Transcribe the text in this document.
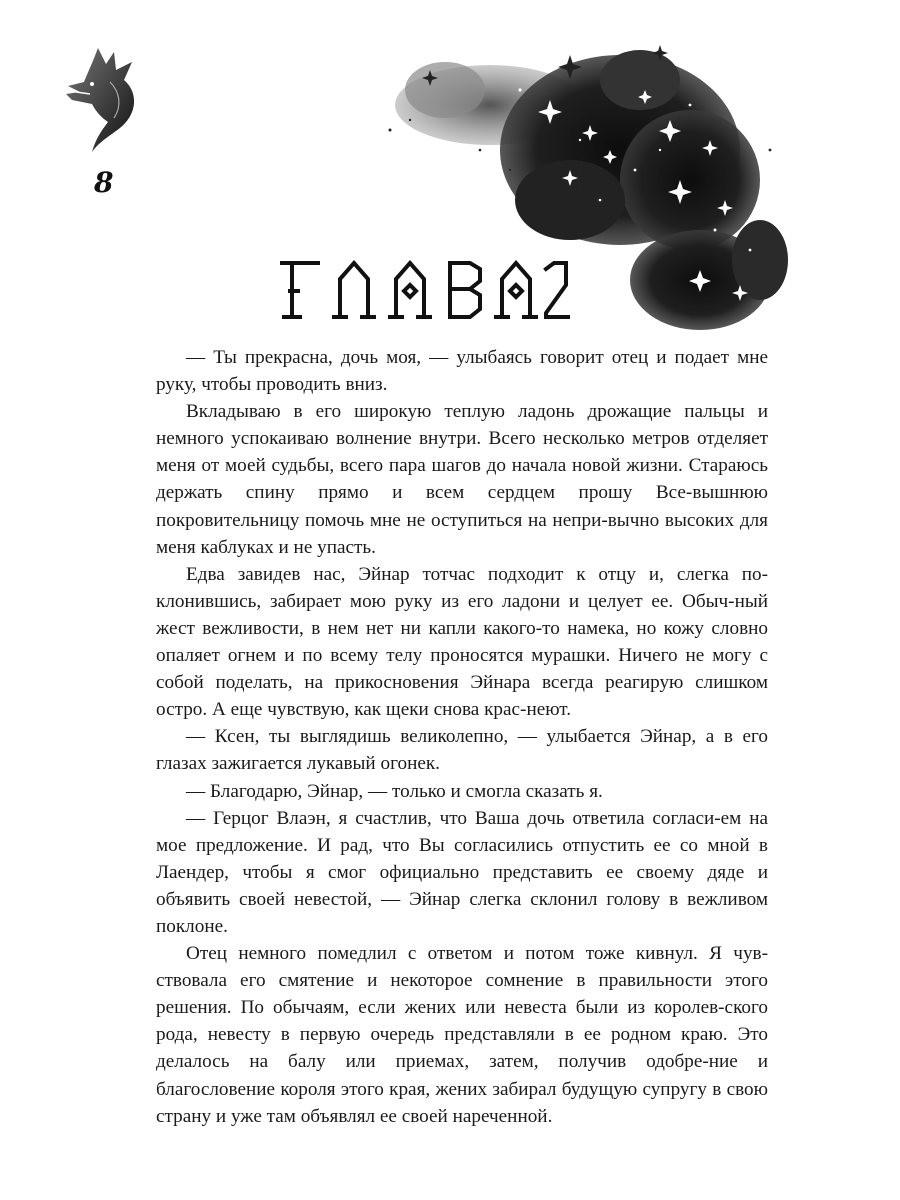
8

— Ты прекрасна, дочь моя, — улыбаясь говорит отец и подает мне руку, чтобы проводить вниз.

Вкладываю в его широкую теплую ладонь дрожащие пальцы и немного успокаиваю волнение внутри. Всего несколько метров отделяет меня от моей судьбы, всего пара шагов до начала новой жизни. Стараюсь держать спину прямо и всем сердцем прошу Все-вышнюю покровительницу помочь мне не оступиться на непри-вычно высоких для меня каблуках и не упасть.

Едва завидев нас, Эйнар тотчас подходит к отцу и, слегка по-клонившись, забирает мою руку из его ладони и целует ее. Обыч-ный жест вежливости, в нем нет ни капли какого-то намека, но кожу словно опаляет огнем и по всему телу проносятся мурашки. Ничего не могу с собой поделать, на прикосновения Эйнара всегда реагирую слишком остро. А еще чувствую, как щеки снова крас-неют.

— Ксен, ты выглядишь великолепно, — улыбается Эйнар, а в его глазах зажигается лукавый огонек.

— Благодарю, Эйнар, — только и смогла сказать я.

— Герцог Влаэн, я счастлив, что Ваша дочь ответила согласи-ем на мое предложение. И рад, что Вы согласились отпустить ее со мной в Лаендер, чтобы я смог официально представить ее своему дяде и объявить своей невестой, — Эйнар слегка склонил голову в вежливом поклоне.

Отец немного помедлил с ответом и потом тоже кивнул. Я чув-ствовала его смятение и некоторое сомнение в правильности этого решения. По обычаям, если жених или невеста были из королев-ского рода, невесту в первую очередь представляли в ее родном краю. Это делалось на балу или приемах, затем, получив одобре-ние и благословение короля этого края, жених забирал будущую супругу в свою страну и уже там объявлял ее своей нареченной.
